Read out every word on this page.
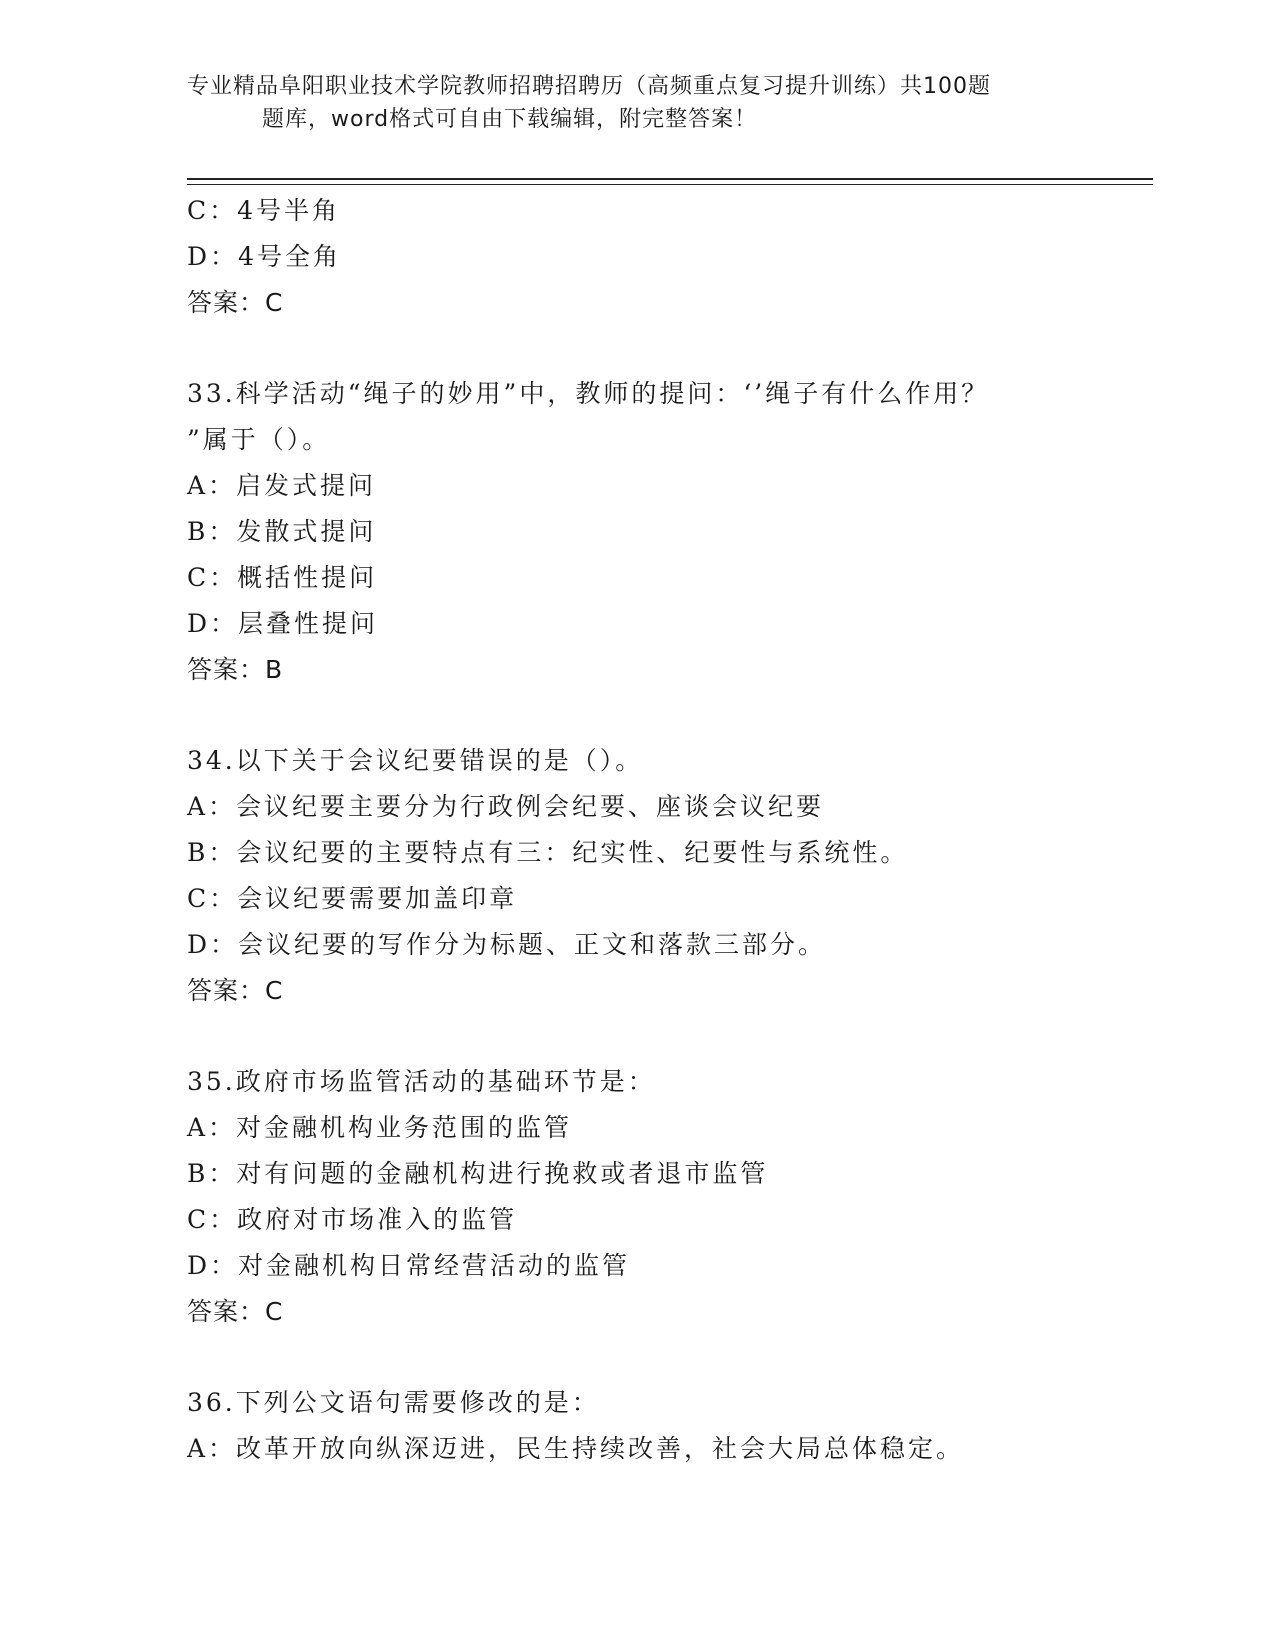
专业精品阜阳职业技术学院教师招聘招聘历（高频重点复习提升训练）共100题
题库，word格式可自由下载编辑，附完整答案！
C：4号半角
D：4号全角
答案：C
33.科学活动“绳子的妙用”中，教师的提问：‘’绳子有什么作用？
”属于（）。
A：启发式提问
B：发散式提问
C：概括性提问
D：层叠性提问
答案：B
34.以下关于会议纪要错误的是（）。
A：会议纪要主要分为行政例会纪要、座谈会议纪要
B：会议纪要的主要特点有三：纪实性、纪要性与系统性。
C：会议纪要需要加盖印章
D：会议纪要的写作分为标题、正文和落款三部分。
答案：C
35.政府市场监管活动的基础环节是：
A：对金融机构业务范围的监管
B：对有问题的金融机构进行挽救或者退市监管
C：政府对市场准入的监管
D：对金融机构日常经营活动的监管
答案：C
36.下列公文语句需要修改的是：
A：改革开放向纵深迈进，民生持续改善，社会大局总体稳定。
